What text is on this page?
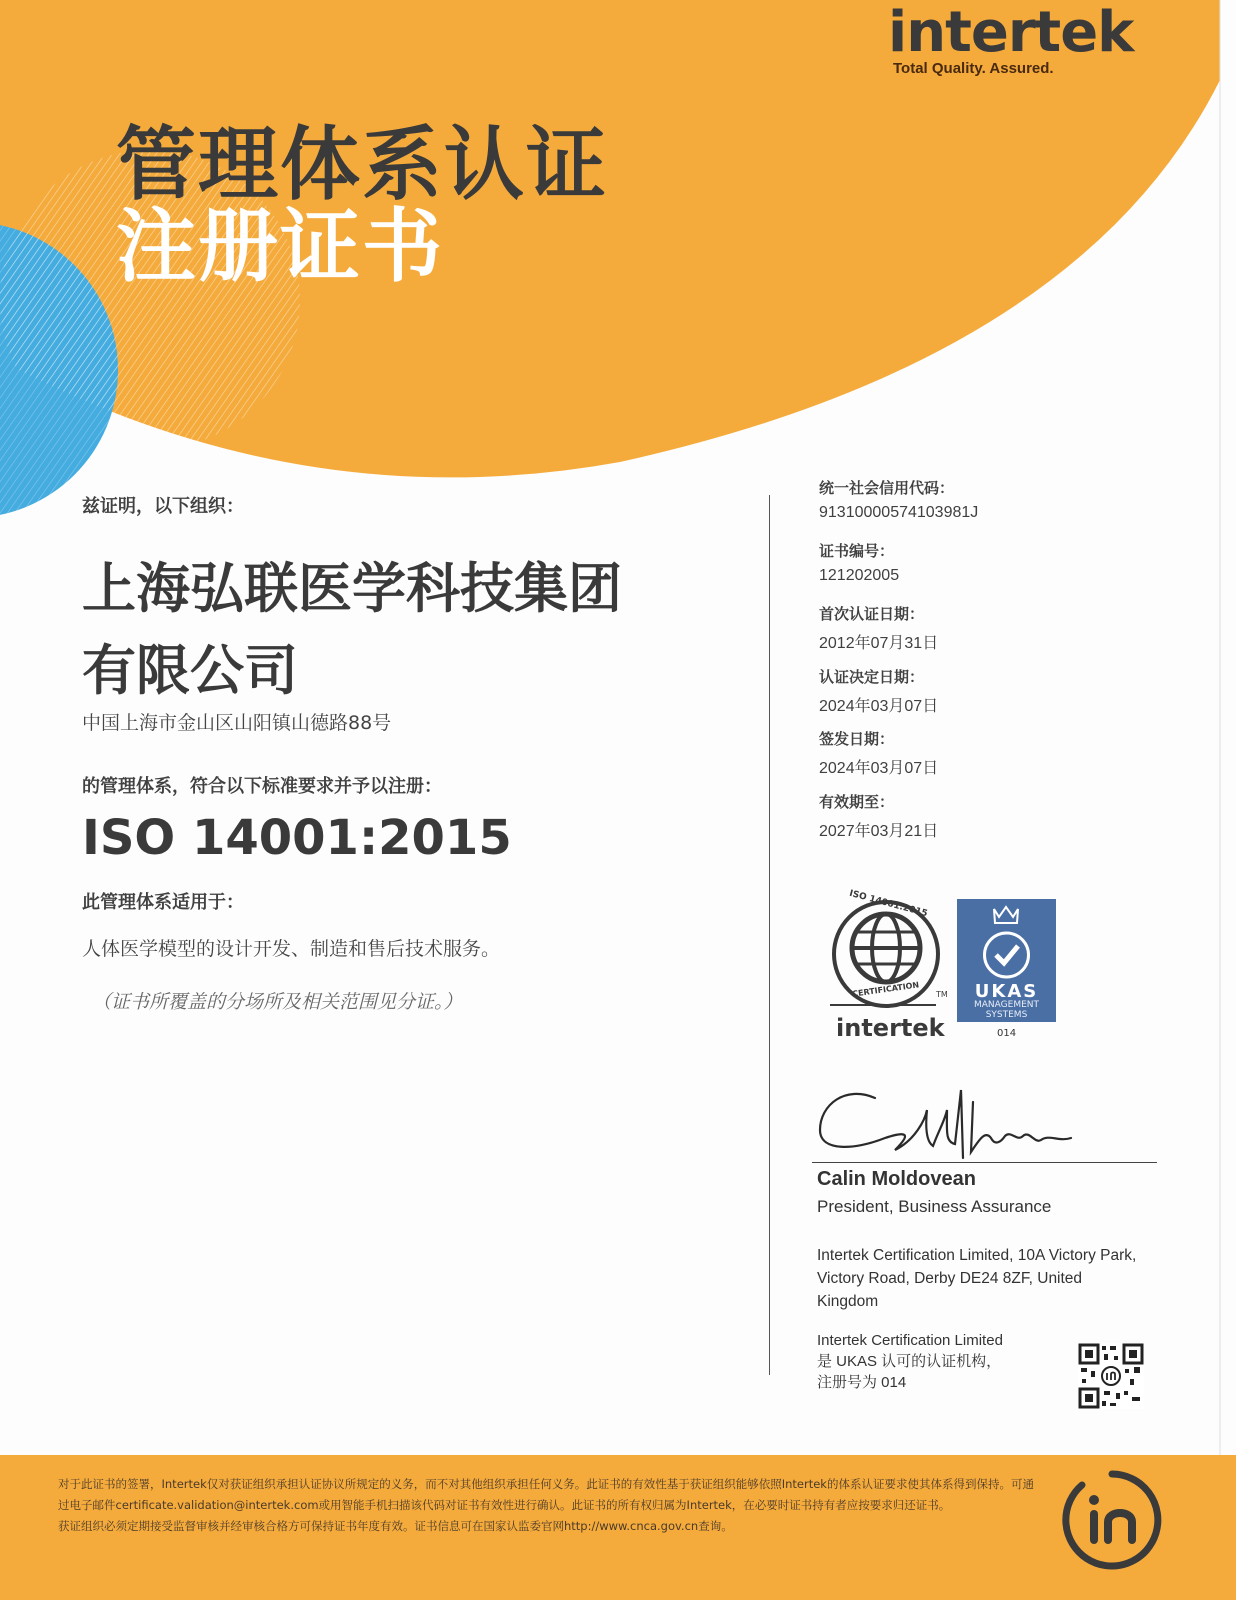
intertek
Total Quality. Assured.
管理体系认证
注册证书
兹证明，以下组织：
上海弘联医学科技集团
有限公司
中国上海市金山区山阳镇山德路88号
的管理体系，符合以下标准要求并予以注册：
ISO 14001:2015
此管理体系适用于：
人体医学模型的设计开发、制造和售后技术服务。
（证书所覆盖的分场所及相关范围见分证。）
统一社会信用代码：
91310000574103981J
证书编号：
121202005
首次认证日期：
2012年07月31日
认证决定日期：
2024年03月07日
签发日期：
2024年03月07日
有效期至：
2027年03月21日
ISO 14001:2015
CERTIFICATION TM
intertek
UKAS
MANAGEMENT
SYSTEMS
014
Calin Moldovean
President, Business Assurance
Intertek Certification Limited, 10A Victory Park, Victory Road, Derby DE24 8ZF, United Kingdom
Intertek Certification Limited
是 UKAS 认可的认证机构，
注册号为 014
对于此证书的签署，Intertek仅对获证组织承担认证协议所规定的义务，而不对其他组织承担任何义务。此证书的有效性基于获证组织能够依照Intertek的体系认证要求使其体系得到保持。可通过电子邮件certificate.validation@intertek.com或用智能手机扫描该代码对证书有效性进行确认。此证书的所有权归属为Intertek，在必要时证书持有者应按要求归还证书。
获证组织必须定期接受监督审核并经审核合格方可保持证书年度有效。证书信息可在国家认监委官网http://www.cnca.gov.cn查询。
